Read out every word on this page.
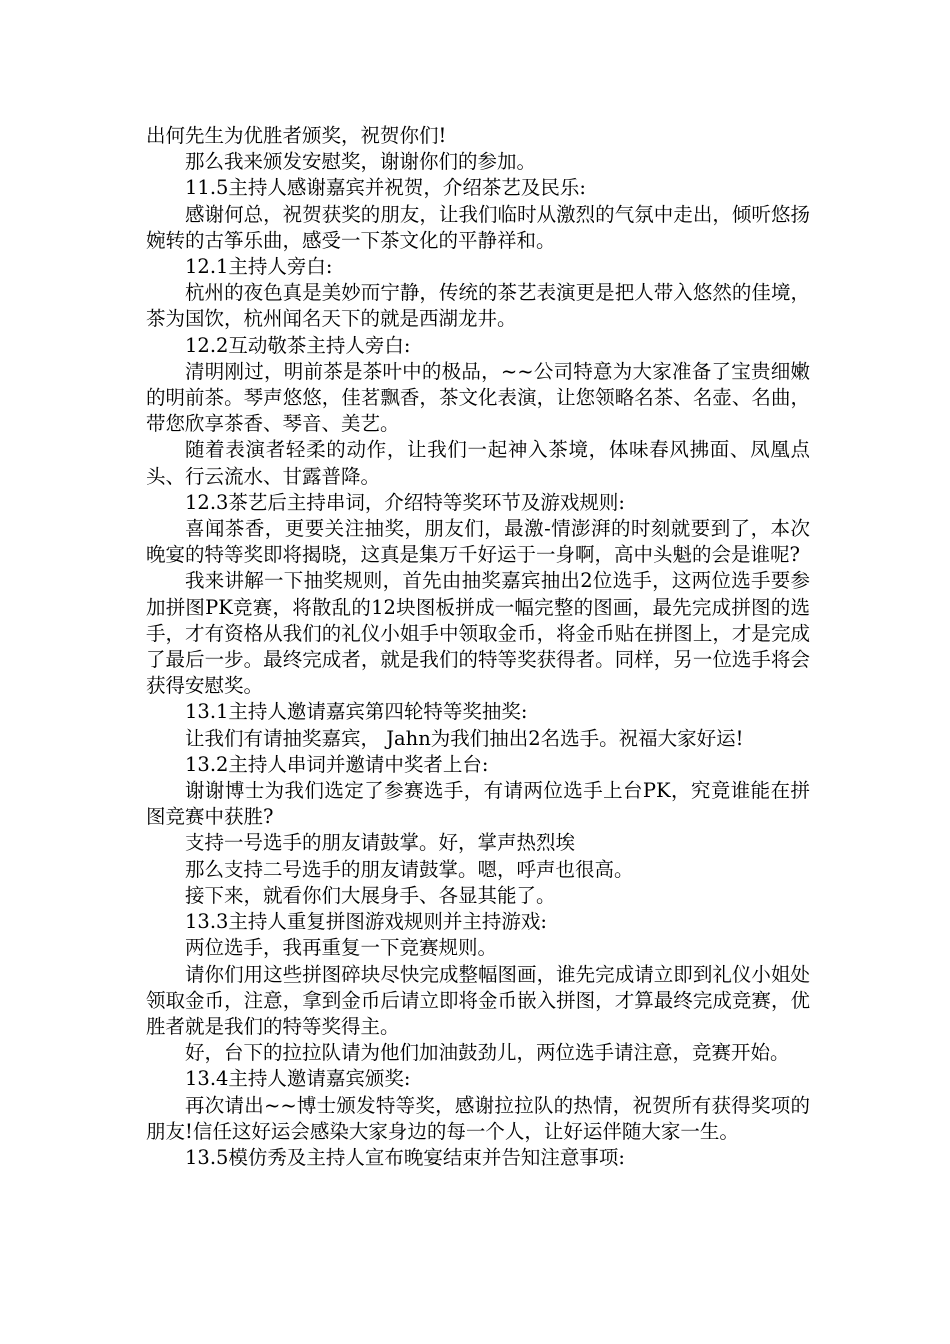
出何先生为优胜者颁奖，祝贺你们!

那么我来颁发安慰奖，谢谢你们的参加。

11.5主持人感谢嘉宾并祝贺，介绍茶艺及民乐:

感谢何总，祝贺获奖的朋友，让我们临时从激烈的气氛中走出，倾听悠扬婉转的古筝乐曲，感受一下茶文化的平静祥和。

12.1主持人旁白:

杭州的夜色真是美妙而宁静，传统的茶艺表演更是把人带入悠然的佳境，茶为国饮，杭州闻名天下的就是西湖龙井。

12.2互动敬茶主持人旁白:

清明刚过，明前茶是茶叶中的极品，~~公司特意为大家准备了宝贵细嫩的明前茶。琴声悠悠，佳茗飘香，茶文化表演，让您领略名茶、名壶、名曲，带您欣享茶香、琴音、美艺。

随着表演者轻柔的动作，让我们一起神入茶境，体味春风拂面、凤凰点头、行云流水、甘露普降。

12.3茶艺后主持串词，介绍特等奖环节及游戏规则:

喜闻茶香，更要关注抽奖，朋友们，最激-情澎湃的时刻就要到了，本次晚宴的特等奖即将揭晓，这真是集万千好运于一身啊，高中头魁的会是谁呢?

我来讲解一下抽奖规则，首先由抽奖嘉宾抽出2位选手，这两位选手要参加拼图PK竞赛，将散乱的12块图板拼成一幅完整的图画，最先完成拼图的选手，才有资格从我们的礼仪小姐手中领取金币，将金币贴在拼图上，才是完成了最后一步。最终完成者，就是我们的特等奖获得者。同样，另一位选手将会获得安慰奖。

13.1主持人邀请嘉宾第四轮特等奖抽奖:

让我们有请抽奖嘉宾， Jahn为我们抽出2名选手。祝福大家好运!

13.2主持人串词并邀请中奖者上台:

谢谢博士为我们选定了参赛选手，有请两位选手上台PK，究竟谁能在拼图竞赛中获胜?

支持一号选手的朋友请鼓掌。好，掌声热烈埃

那么支持二号选手的朋友请鼓掌。嗯，呼声也很高。

接下来，就看你们大展身手、各显其能了。

13.3主持人重复拼图游戏规则并主持游戏:

两位选手，我再重复一下竞赛规则。

请你们用这些拼图碎块尽快完成整幅图画，谁先完成请立即到礼仪小姐处领取金币，注意，拿到金币后请立即将金币嵌入拼图，才算最终完成竞赛，优胜者就是我们的特等奖得主。

好，台下的拉拉队请为他们加油鼓劲儿，两位选手请注意，竞赛开始。

13.4主持人邀请嘉宾颁奖:

再次请出~~博士颁发特等奖，感谢拉拉队的热情，祝贺所有获得奖项的朋友!信任这好运会感染大家身边的每一个人，让好运伴随大家一生。

13.5模仿秀及主持人宣布晚宴结束并告知注意事项:
